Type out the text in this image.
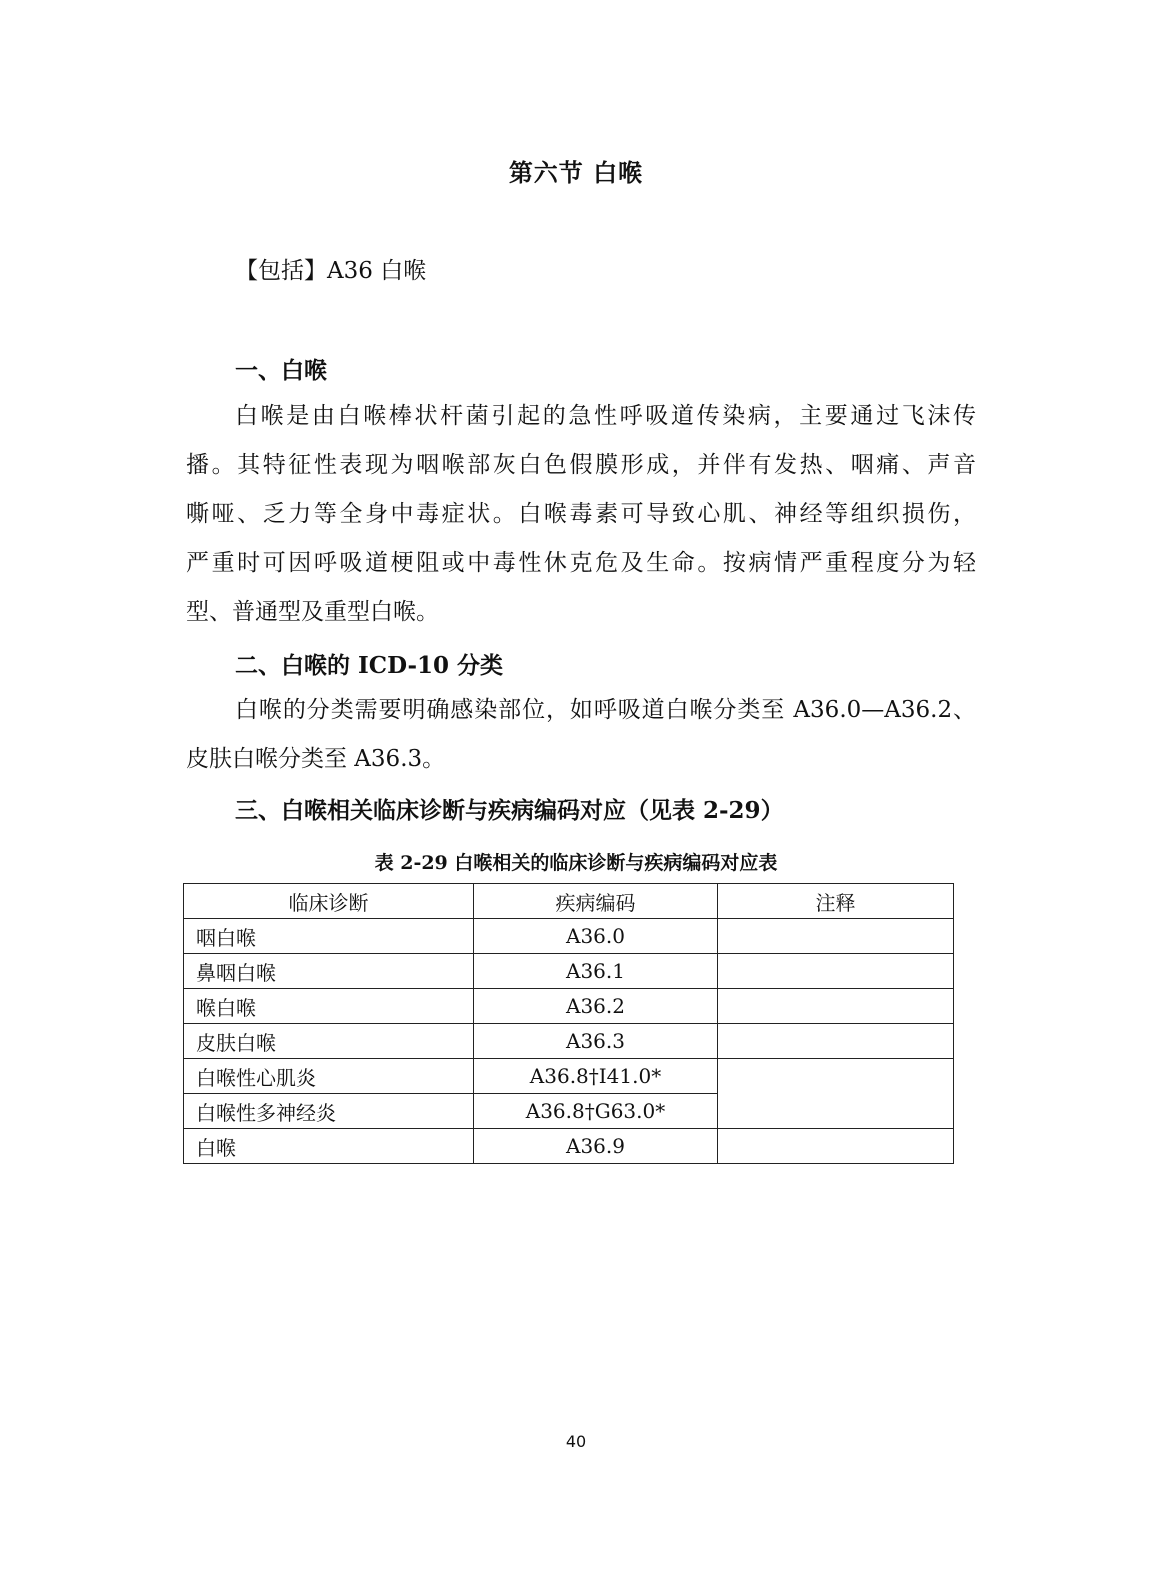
第六节 白喉
【包括】A36 白喉
一、白喉
白喉是由白喉棒状杆菌引起的急性呼吸道传染病，主要通过飞沫传
播。其特征性表现为咽喉部灰白色假膜形成，并伴有发热、咽痛、声音
嘶哑、乏力等全身中毒症状。白喉毒素可导致心肌、神经等组织损伤，
严重时可因呼吸道梗阻或中毒性休克危及生命。按病情严重程度分为轻
型、普通型及重型白喉。
二、白喉的 ICD-10 分类
白喉的分类需要明确感染部位，如呼吸道白喉分类至 A36.0—A36.2、
皮肤白喉分类至 A36.3。
三、白喉相关临床诊断与疾病编码对应（见表 2-29）
表 2-29 白喉相关的临床诊断与疾病编码对应表
临床诊断	疾病编码	注释
咽白喉	A36.0	
鼻咽白喉	A36.1	
喉白喉	A36.2	
皮肤白喉	A36.3	
白喉性心肌炎	A36.8†I41.0*	
白喉性多神经炎	A36.8†G63.0*	
白喉	A36.9	
40
